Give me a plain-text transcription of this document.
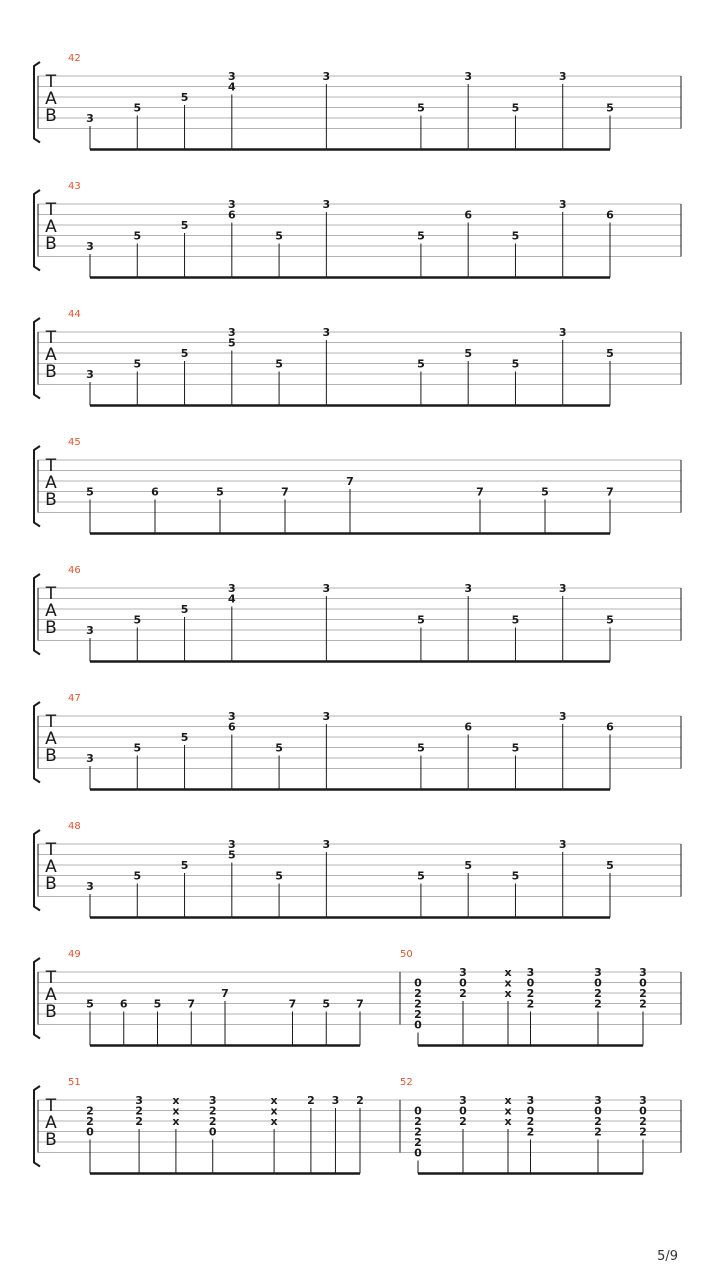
T
A
B
42
3
5
5
3
4
3
5
3
5
3
5
T
A
B
43
3
5
5
3
6
5
3
5
6
5
3
6
T
A
B
44
3
5
5
3
5
5
3
5
5
5
3
5
T
A
B
45
5	6	5	7
7
7	5	7
T
A
B
46
3
5
5
3
4
3
5
3
5
3
5
T
A
B
47
3
5
5
3
6
5
3
5
6
5
3
6
T
A
B
48
3
5
5
3
5
5
3
5
5
5
3
5
T
A
B
49
5 6 5 7
7
7 5 7
50
0
2
2
2
0
3
0
2
x
x
x
3
0
2
2
3
0
2
2
3
0
2
2
T
A
B
51
2
2
0
3
2
2
x
x
x
3
2
2
0
x
x
x
2 3 2
52
0
2
2
2
0
3
0
2
x
x
x
3
0
2
2
3
0
2
2
3
0
2
2
5/9
